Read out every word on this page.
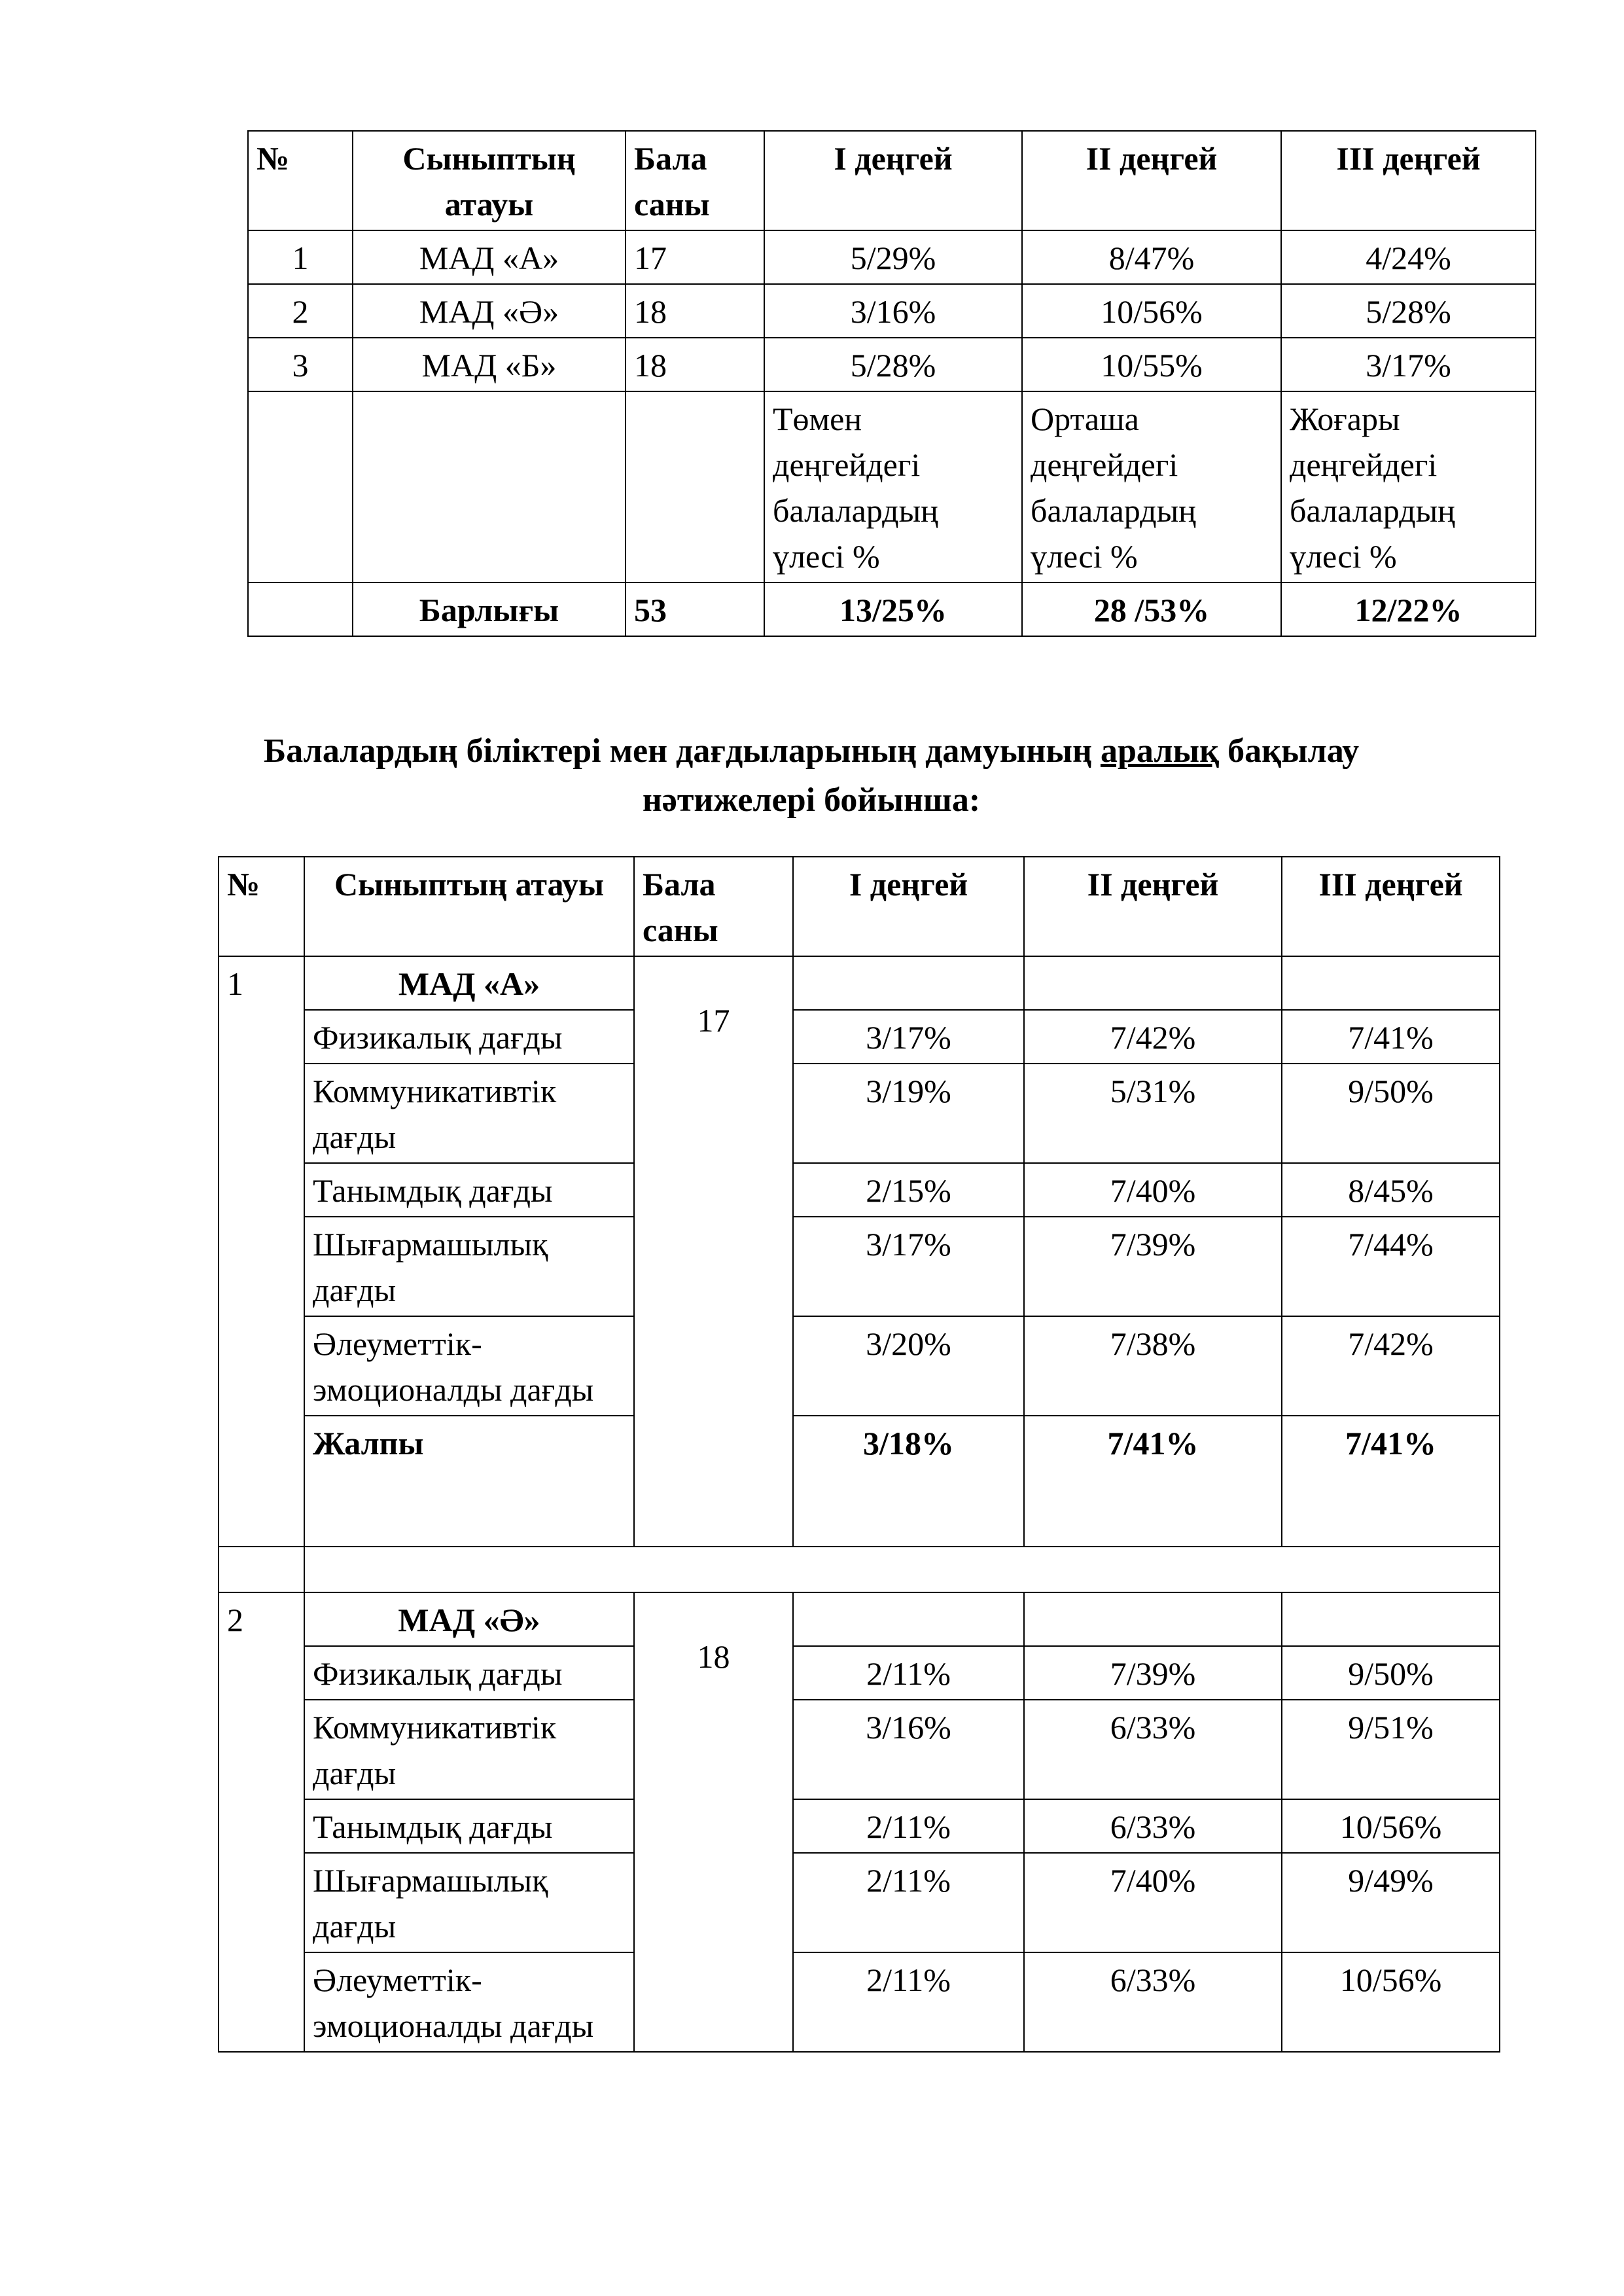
№	Сыныптың атауы	Бала саны	І деңгей	ІІ деңгей	ІІІ деңгей
1	МАД «А»	17	5/29%	8/47%	4/24%
2	МАД «Ә»	18	3/16%	10/56%	5/28%
3	МАД «Б»	18	5/28%	10/55%	3/17%
			Төмен деңгейдегі балалардың үлесі %	Орташа деңгейдегі балалардың үлесі %	Жоғары деңгейдегі балалардың үлесі %
	Барлығы	53	13/25%	28 /53%	12/22%
Балалардың біліктері мен дағдыларының дамуының аралық бақылау нәтижелері бойынша:
№	Сыныптың атауы	Бала саны	І деңгей	ІІ деңгей	ІІІ деңгей
1	МАД «А»	17			
	Физикалық дағды		3/17%	7/42%	7/41%
	Коммуникативтік дағды		3/19%	5/31%	9/50%
	Танымдық дағды		2/15%	7/40%	8/45%
	Шығармашылық дағды		3/17%	7/39%	7/44%
	Әлеуметтік-эмоционалды дағды		3/20%	7/38%	7/42%
	Жалпы		3/18%	7/41%	7/41%

2	МАД «Ә»	18			
	Физикалық дағды		2/11%	7/39%	9/50%
	Коммуникативтік дағды		3/16%	6/33%	9/51%
	Танымдық дағды		2/11%	6/33%	10/56%
	Шығармашылық дағды		2/11%	7/40%	9/49%
	Әлеуметтік-эмоционалды дағды		2/11%	6/33%	10/56%
